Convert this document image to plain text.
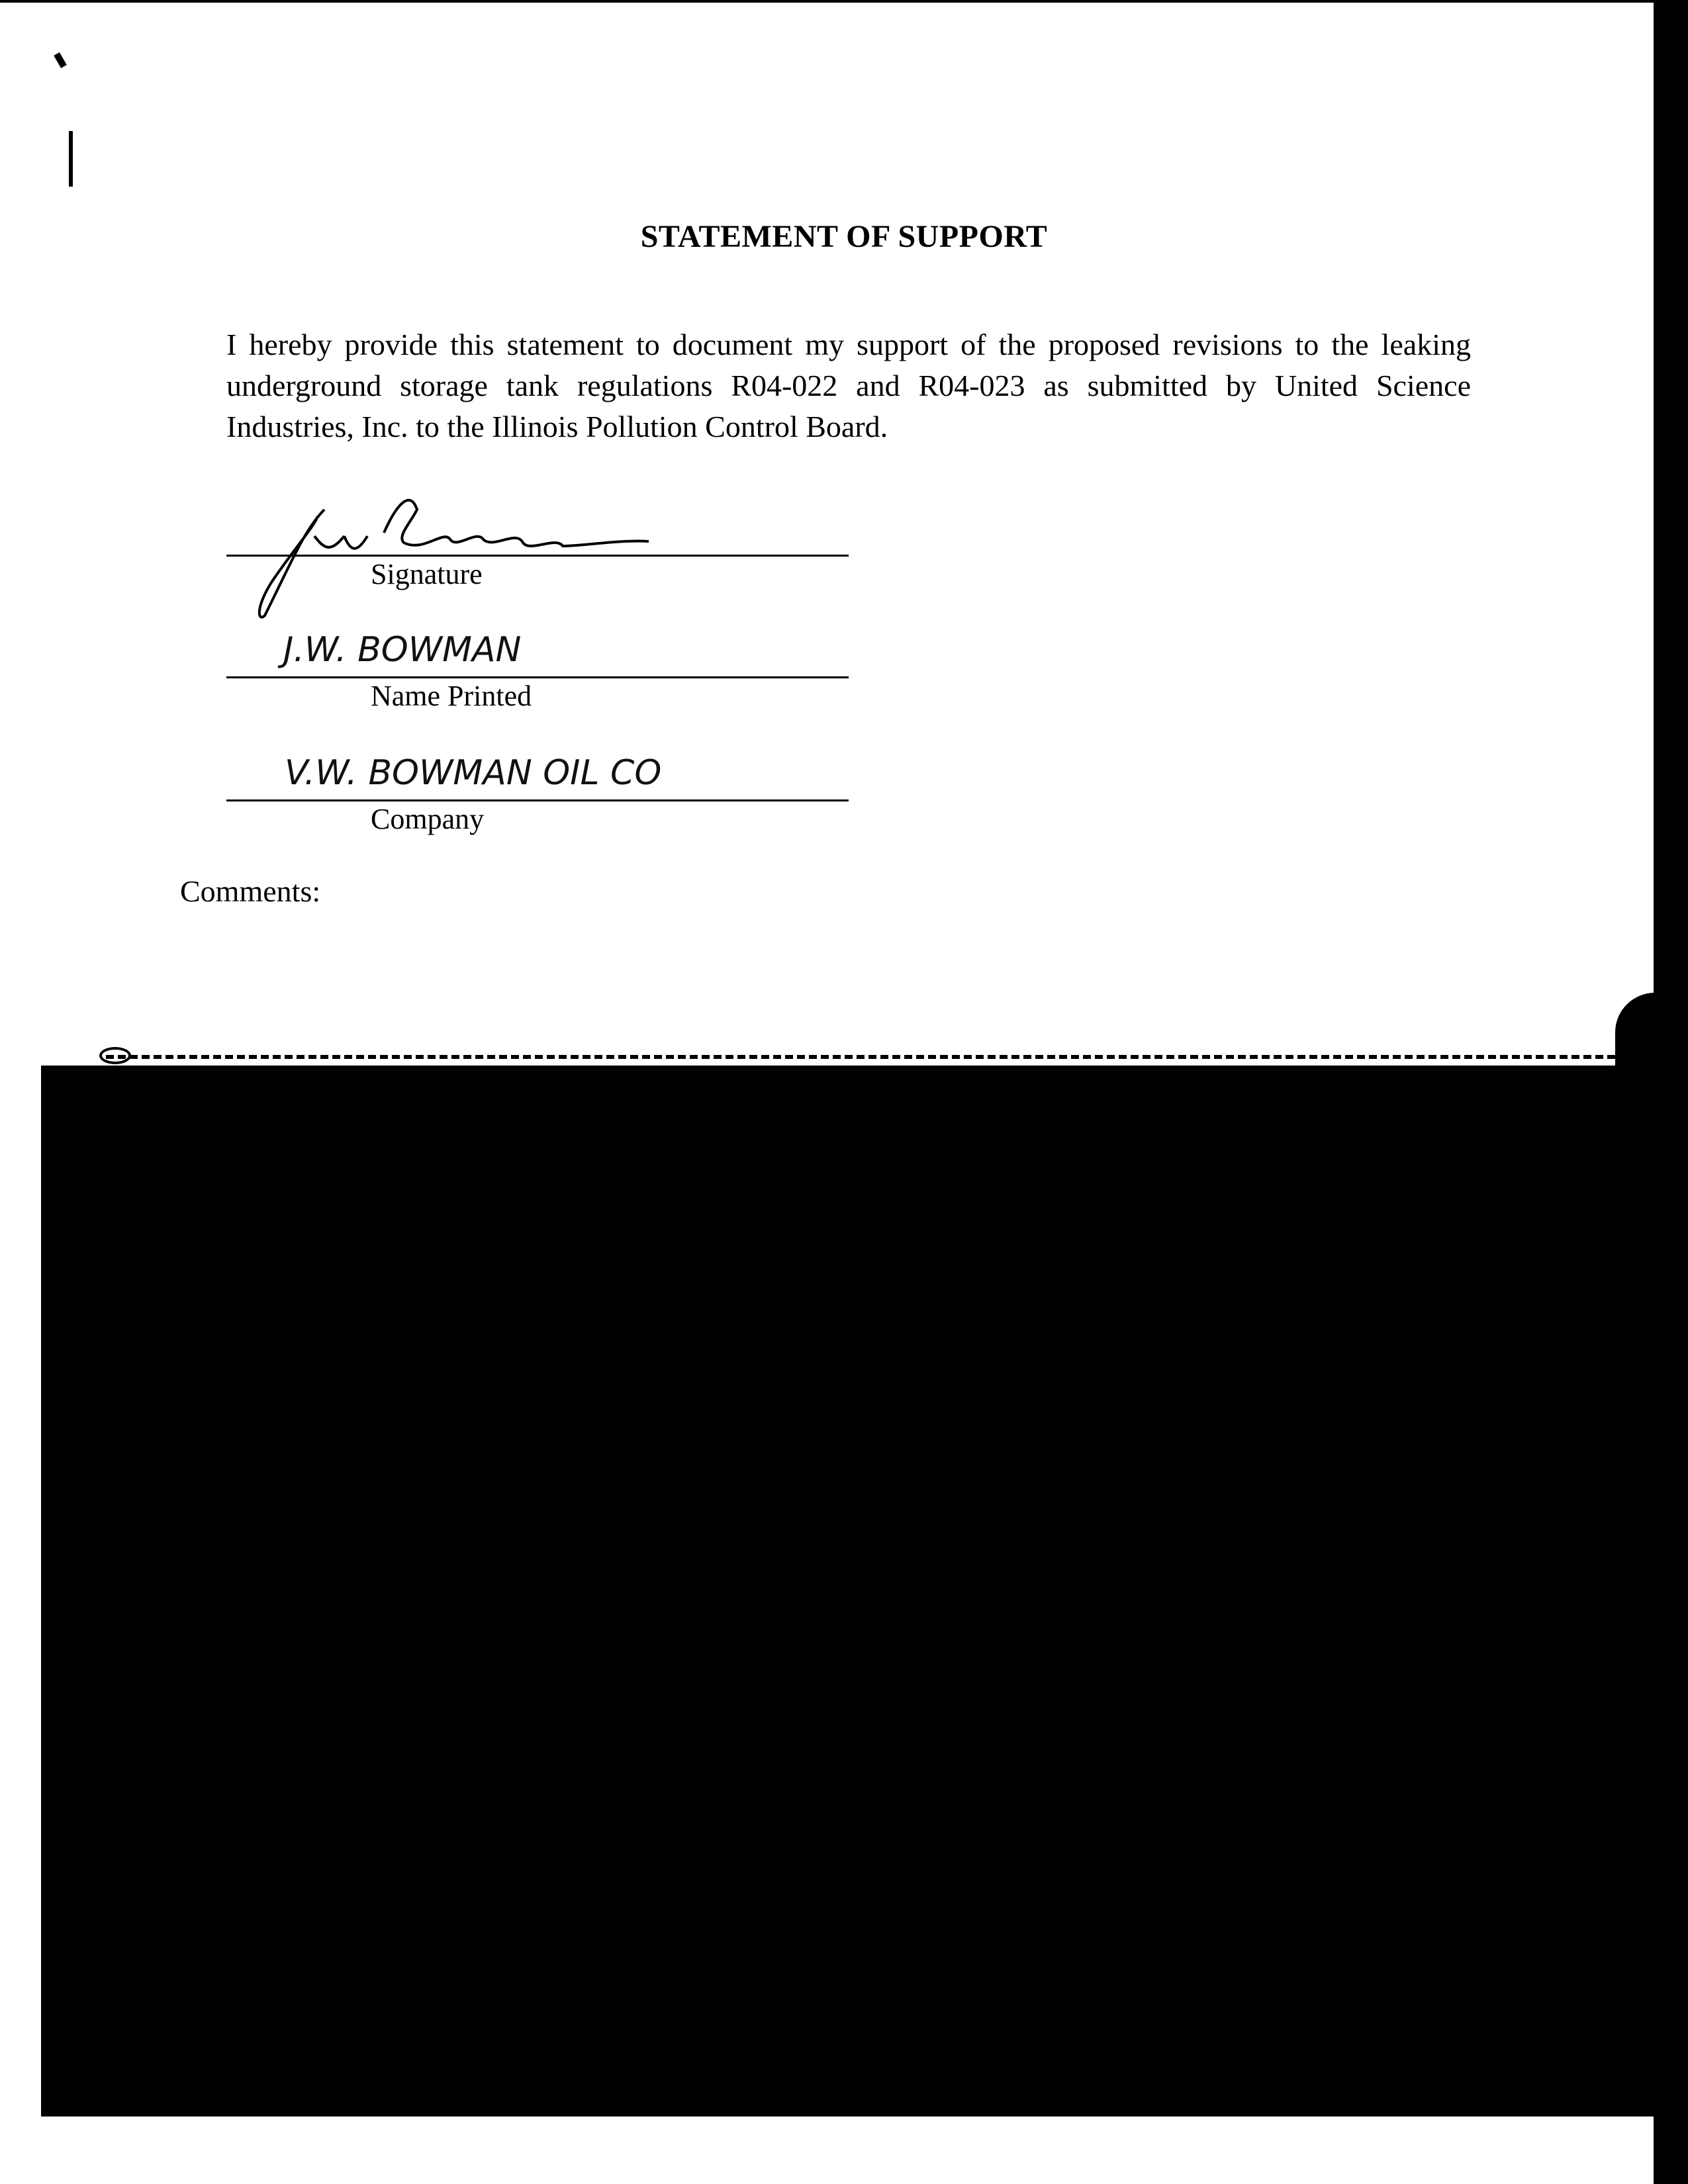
STATEMENT OF SUPPORT
I hereby provide this statement to document my support of the proposed revisions to the leaking underground storage tank regulations R04-022 and R04-023 as submitted by United Science Industries, Inc. to the Illinois Pollution Control Board.
Signature
J.W. BOWMAN
Name Printed
V.W. BOWMAN OIL CO
Company
Comments:
